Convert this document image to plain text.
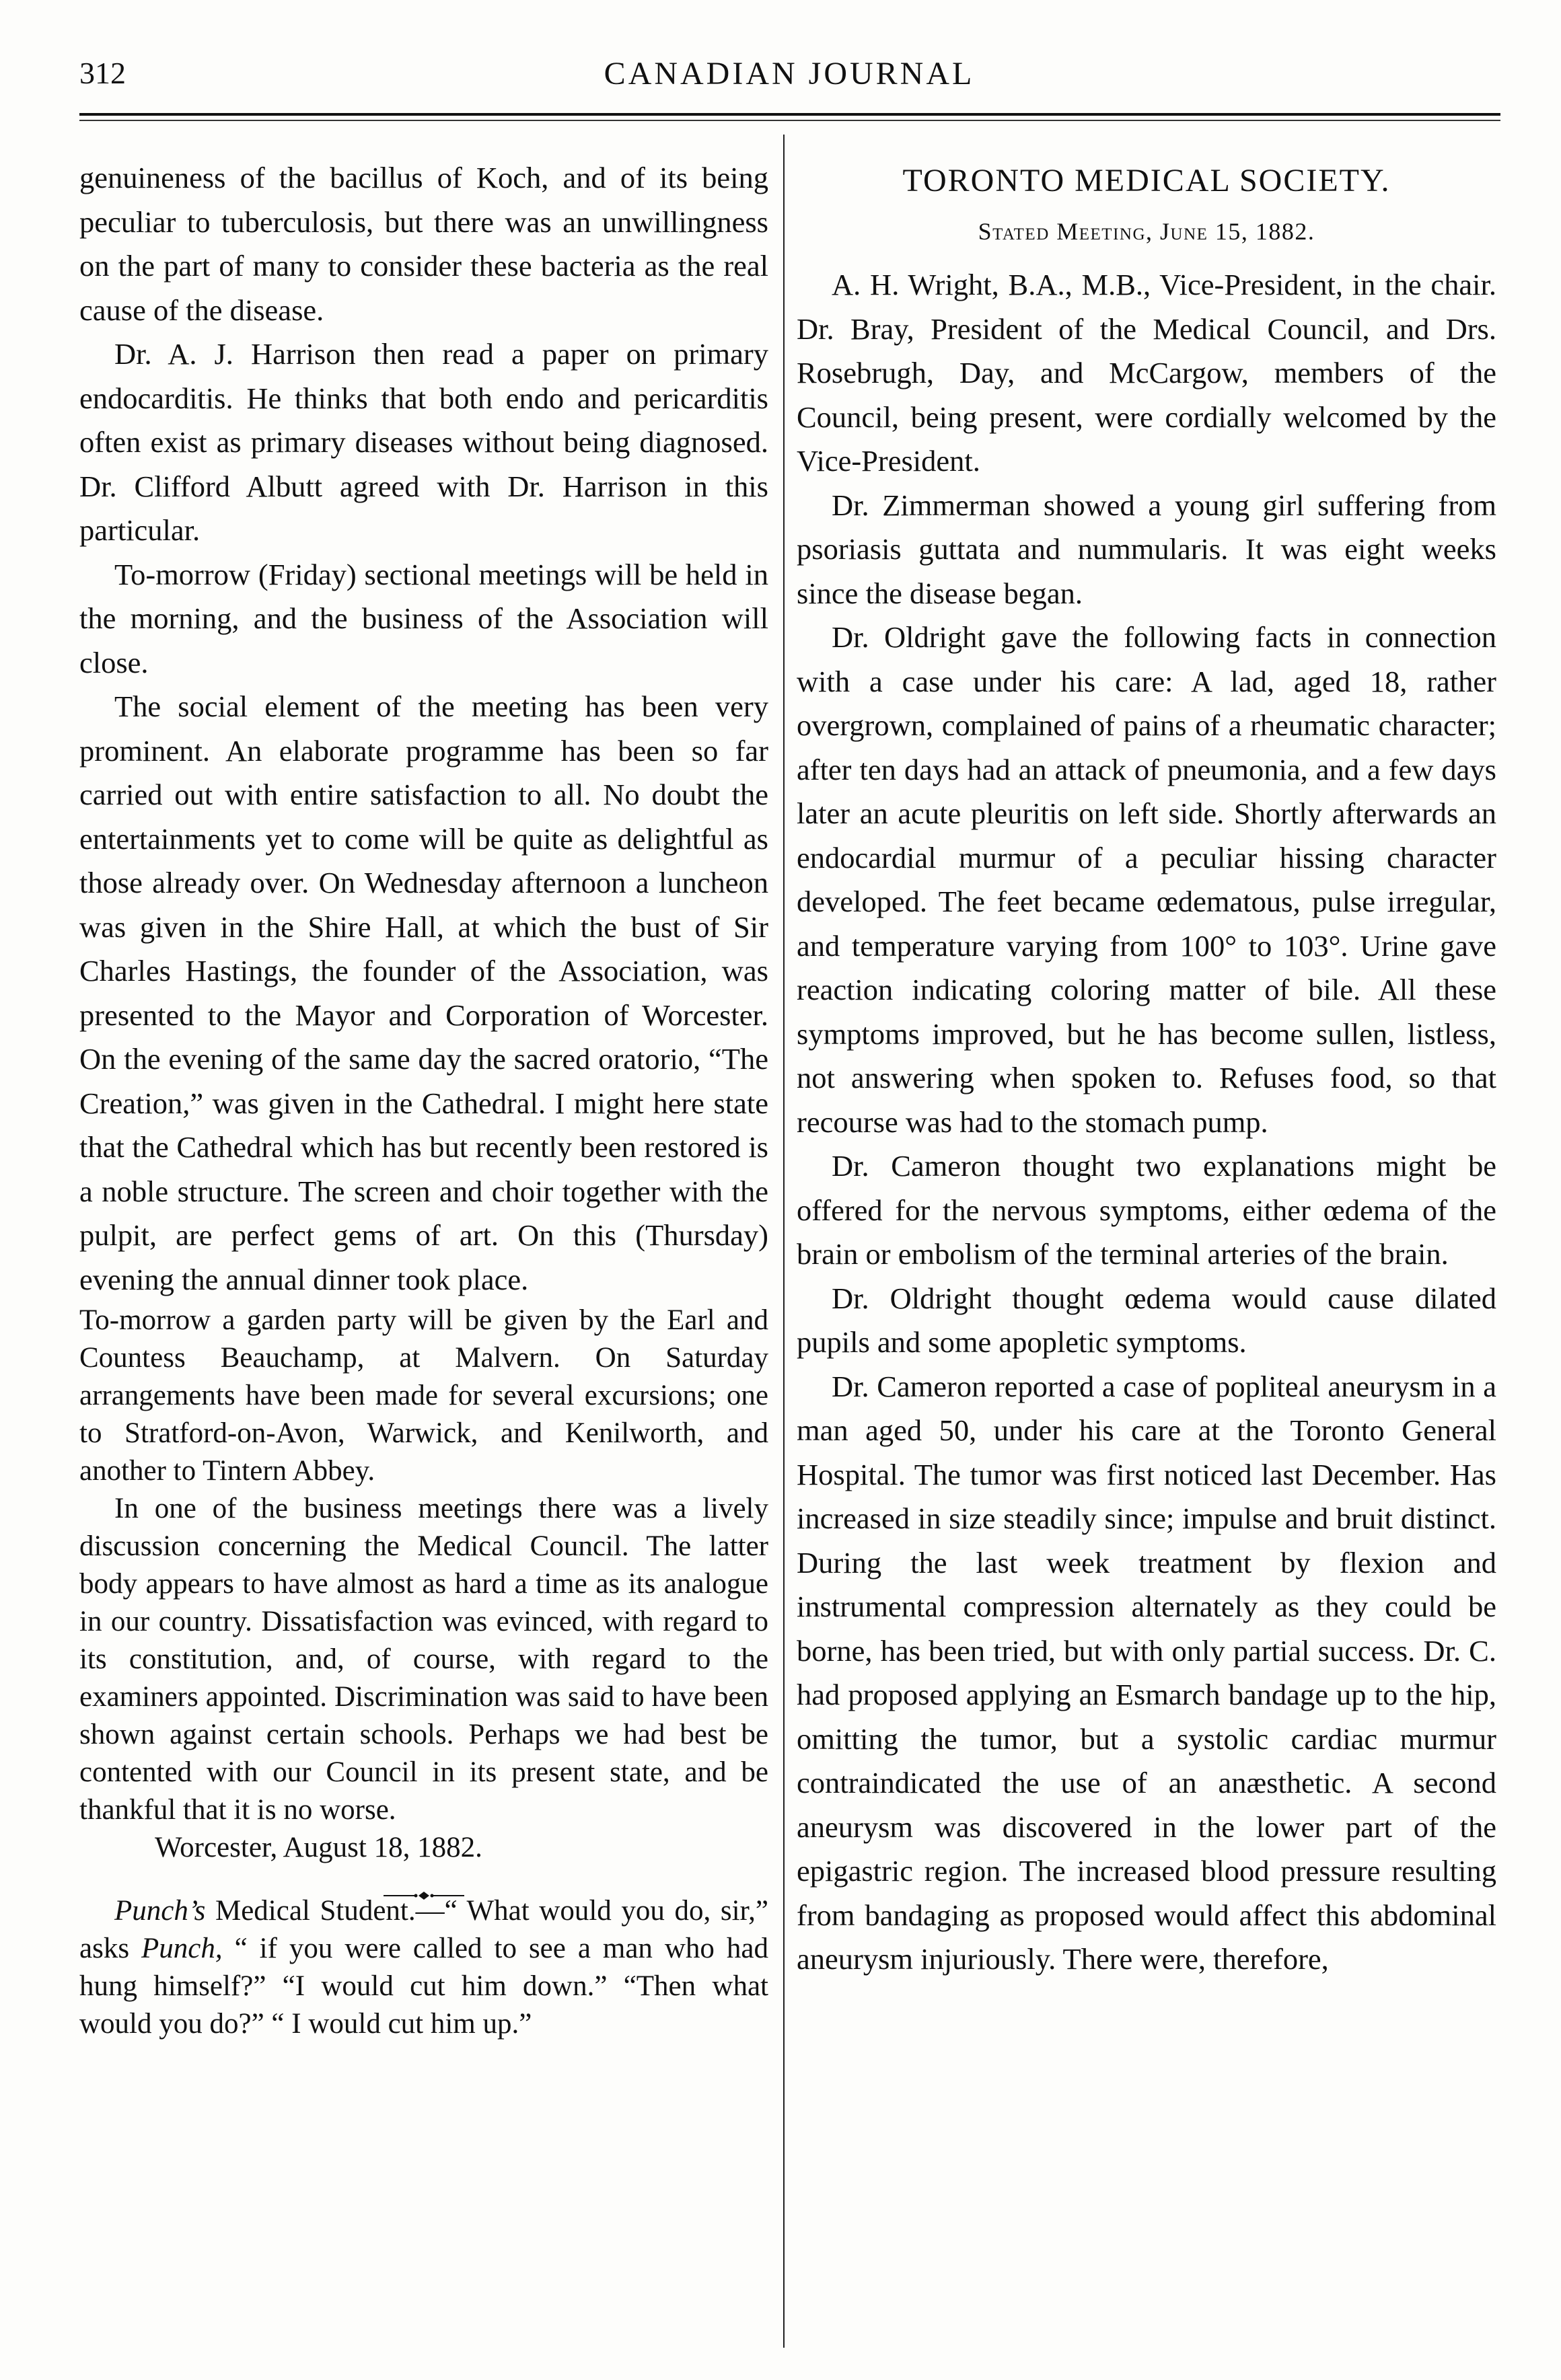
312	CANADIAN JOURNAL

genuineness of the bacillus of Koch, and of its being peculiar to tuberculosis, but there was an unwillingness on the part of many to consider these bacteria as the real cause of the disease.

Dr. A. J. Harrison then read a paper on primary endocarditis. He thinks that both endo and pericarditis often exist as primary diseases without being diagnosed. Dr. Clifford Albutt agreed with Dr. Harrison in this particular.

To-morrow (Friday) sectional meetings will be held in the morning, and the business of the Association will close.

The social element of the meeting has been very prominent. An elaborate programme has been so far carried out with entire satisfaction to all. No doubt the entertainments yet to come will be quite as delightful as those already over. On Wednesday afternoon a luncheon was given in the Shire Hall, at which the bust of Sir Charles Hastings, the founder of the Association, was presented to the Mayor and Corporation of Worcester. On the evening of the same day the sacred oratorio, “The Creation,” was given in the Cathedral. I might here state that the Cathedral which has but recently been restored is a noble structure. The screen and choir together with the pulpit, are perfect gems of art. On this (Thursday) evening the annual dinner took place.

To-morrow a garden party will be given by the Earl and Countess Beauchamp, at Malvern. On Saturday arrangements have been made for several excursions; one to Stratford-on-Avon, Warwick, and Kenilworth, and another to Tintern Abbey.

In one of the business meetings there was a lively discussion concerning the Medical Council. The latter body appears to have almost as hard a time as its analogue in our country. Dissatisfaction was evinced, with regard to its constitution, and, of course, with regard to the examiners appointed. Discrimination was said to have been shown against certain schools. Perhaps we had best be contented with our Council in its present state, and be thankful that it is no worse.

Worcester, August 18, 1882.

Punch’s Medical Student.—“ What would you do, sir,” asks Punch, “ if you were called to see a man who had hung himself?” “I would cut him down.” “Then what would you do?” “ I would cut him up.”

TORONTO MEDICAL SOCIETY.
Stated Meeting, June 15, 1882.

A. H. Wright, B.A., M.B., Vice-President, in the chair. Dr. Bray, President of the Medical Council, and Drs. Rosebrugh, Day, and McCargow, members of the Council, being present, were cordially welcomed by the Vice-President.

Dr. Zimmerman showed a young girl suffering from psoriasis guttata and nummularis. It was eight weeks since the disease began.

Dr. Oldright gave the following facts in connection with a case under his care: A lad, aged 18, rather overgrown, complained of pains of a rheumatic character; after ten days had an attack of pneumonia, and a few days later an acute pleuritis on left side. Shortly afterwards an endocardial murmur of a peculiar hissing character developed. The feet became œdematous, pulse irregular, and temperature varying from 100° to 103°. Urine gave reaction indicating coloring matter of bile. All these symptoms improved, but he has become sullen, listless, not answering when spoken to. Refuses food, so that recourse was had to the stomach pump.

Dr. Cameron thought two explanations might be offered for the nervous symptoms, either œdema of the brain or embolism of the terminal arteries of the brain.

Dr. Oldright thought œdema would cause dilated pupils and some apopletic symptoms.

Dr. Cameron reported a case of popliteal aneurysm in a man aged 50, under his care at the Toronto General Hospital. The tumor was first noticed last December. Has increased in size steadily since; impulse and bruit distinct. During the last week treatment by flexion and instrumental compression alternately as they could be borne, has been tried, but with only partial success. Dr. C. had proposed applying an Esmarch bandage up to the hip, omitting the tumor, but a systolic cardiac murmur contraindicated the use of an anæsthetic. A second aneurysm was discovered in the lower part of the epigastric region. The increased blood pressure resulting from bandaging as proposed would affect this abdominal aneurysm injuriously. There were, therefore,
